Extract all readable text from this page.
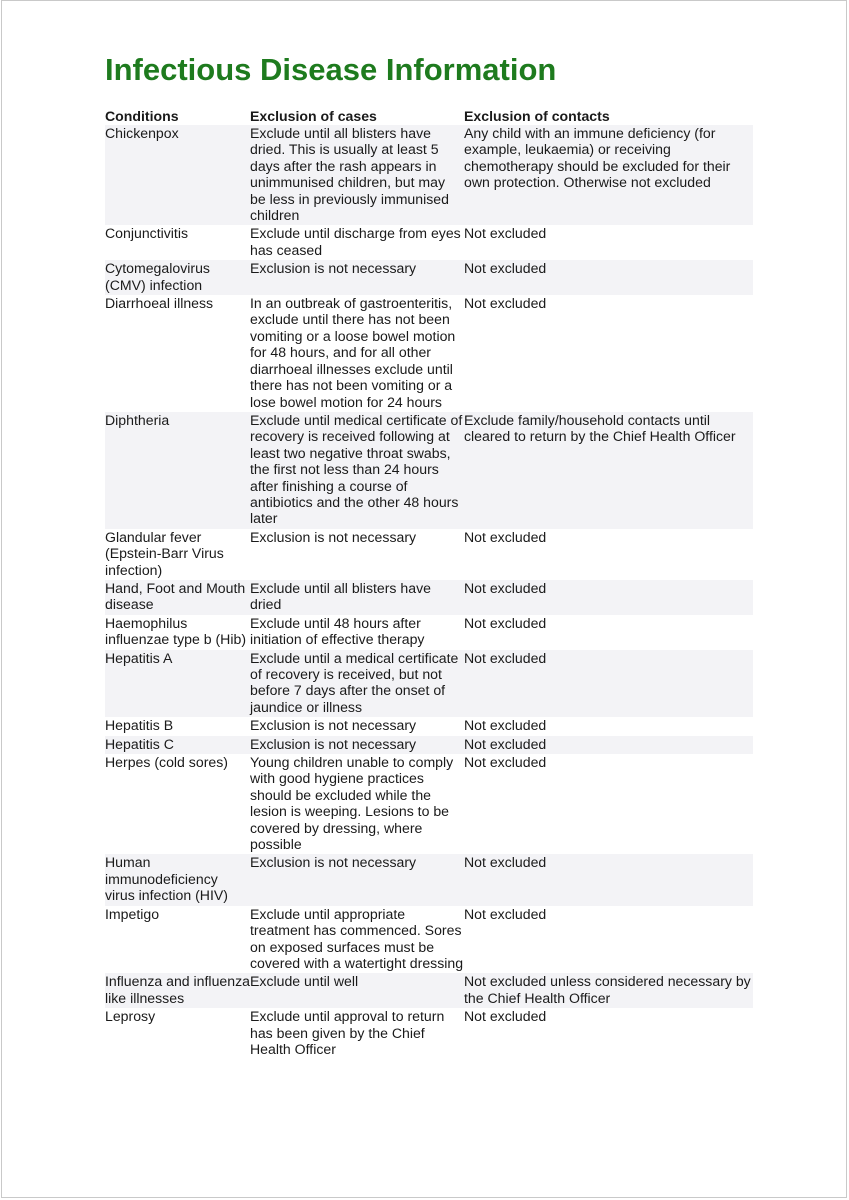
Infectious Disease Information
Conditions	Exclusion of cases	Exclusion of contacts
Chickenpox	Exclude until all blisters have dried. This is usually at least 5 days after the rash appears in unimmunised children, but may be less in previously immunised children	Any child with an immune deficiency (for example, leukaemia) or receiving chemotherapy should be excluded for their own protection. Otherwise not excluded
Conjunctivitis	Exclude until discharge from eyes has ceased	Not excluded
Cytomegalovirus (CMV) infection	Exclusion is not necessary	Not excluded
Diarrhoeal illness	In an outbreak of gastroenteritis, exclude until there has not been vomiting or a loose bowel motion for 48 hours, and for all other diarrhoeal illnesses exclude until there has not been vomiting or a lose bowel motion for 24 hours	Not excluded
Diphtheria	Exclude until medical certificate of recovery is received following at least two negative throat swabs, the first not less than 24 hours after finishing a course of antibiotics and the other 48 hours later	Exclude family/household contacts until cleared to return by the Chief Health Officer
Glandular fever (Epstein-Barr Virus infection)	Exclusion is not necessary	Not excluded
Hand, Foot and Mouth disease	Exclude until all blisters have dried	Not excluded
Haemophilus influenzae type b (Hib)	Exclude until 48 hours after initiation of effective therapy	Not excluded
Hepatitis A	Exclude until a medical certificate of recovery is received, but not before 7 days after the onset of jaundice or illness	Not excluded
Hepatitis B	Exclusion is not necessary	Not excluded
Hepatitis C	Exclusion is not necessary	Not excluded
Herpes (cold sores)	Young children unable to comply with good hygiene practices should be excluded while the lesion is weeping. Lesions to be covered by dressing, where possible	Not excluded
Human immunodeficiency virus infection (HIV)	Exclusion is not necessary	Not excluded
Impetigo	Exclude until appropriate treatment has commenced. Sores on exposed surfaces must be covered with a watertight dressing	Not excluded
Influenza and influenza like illnesses	Exclude until well	Not excluded unless considered necessary by the Chief Health Officer
Leprosy	Exclude until approval to return has been given by the Chief Health Officer	Not excluded
